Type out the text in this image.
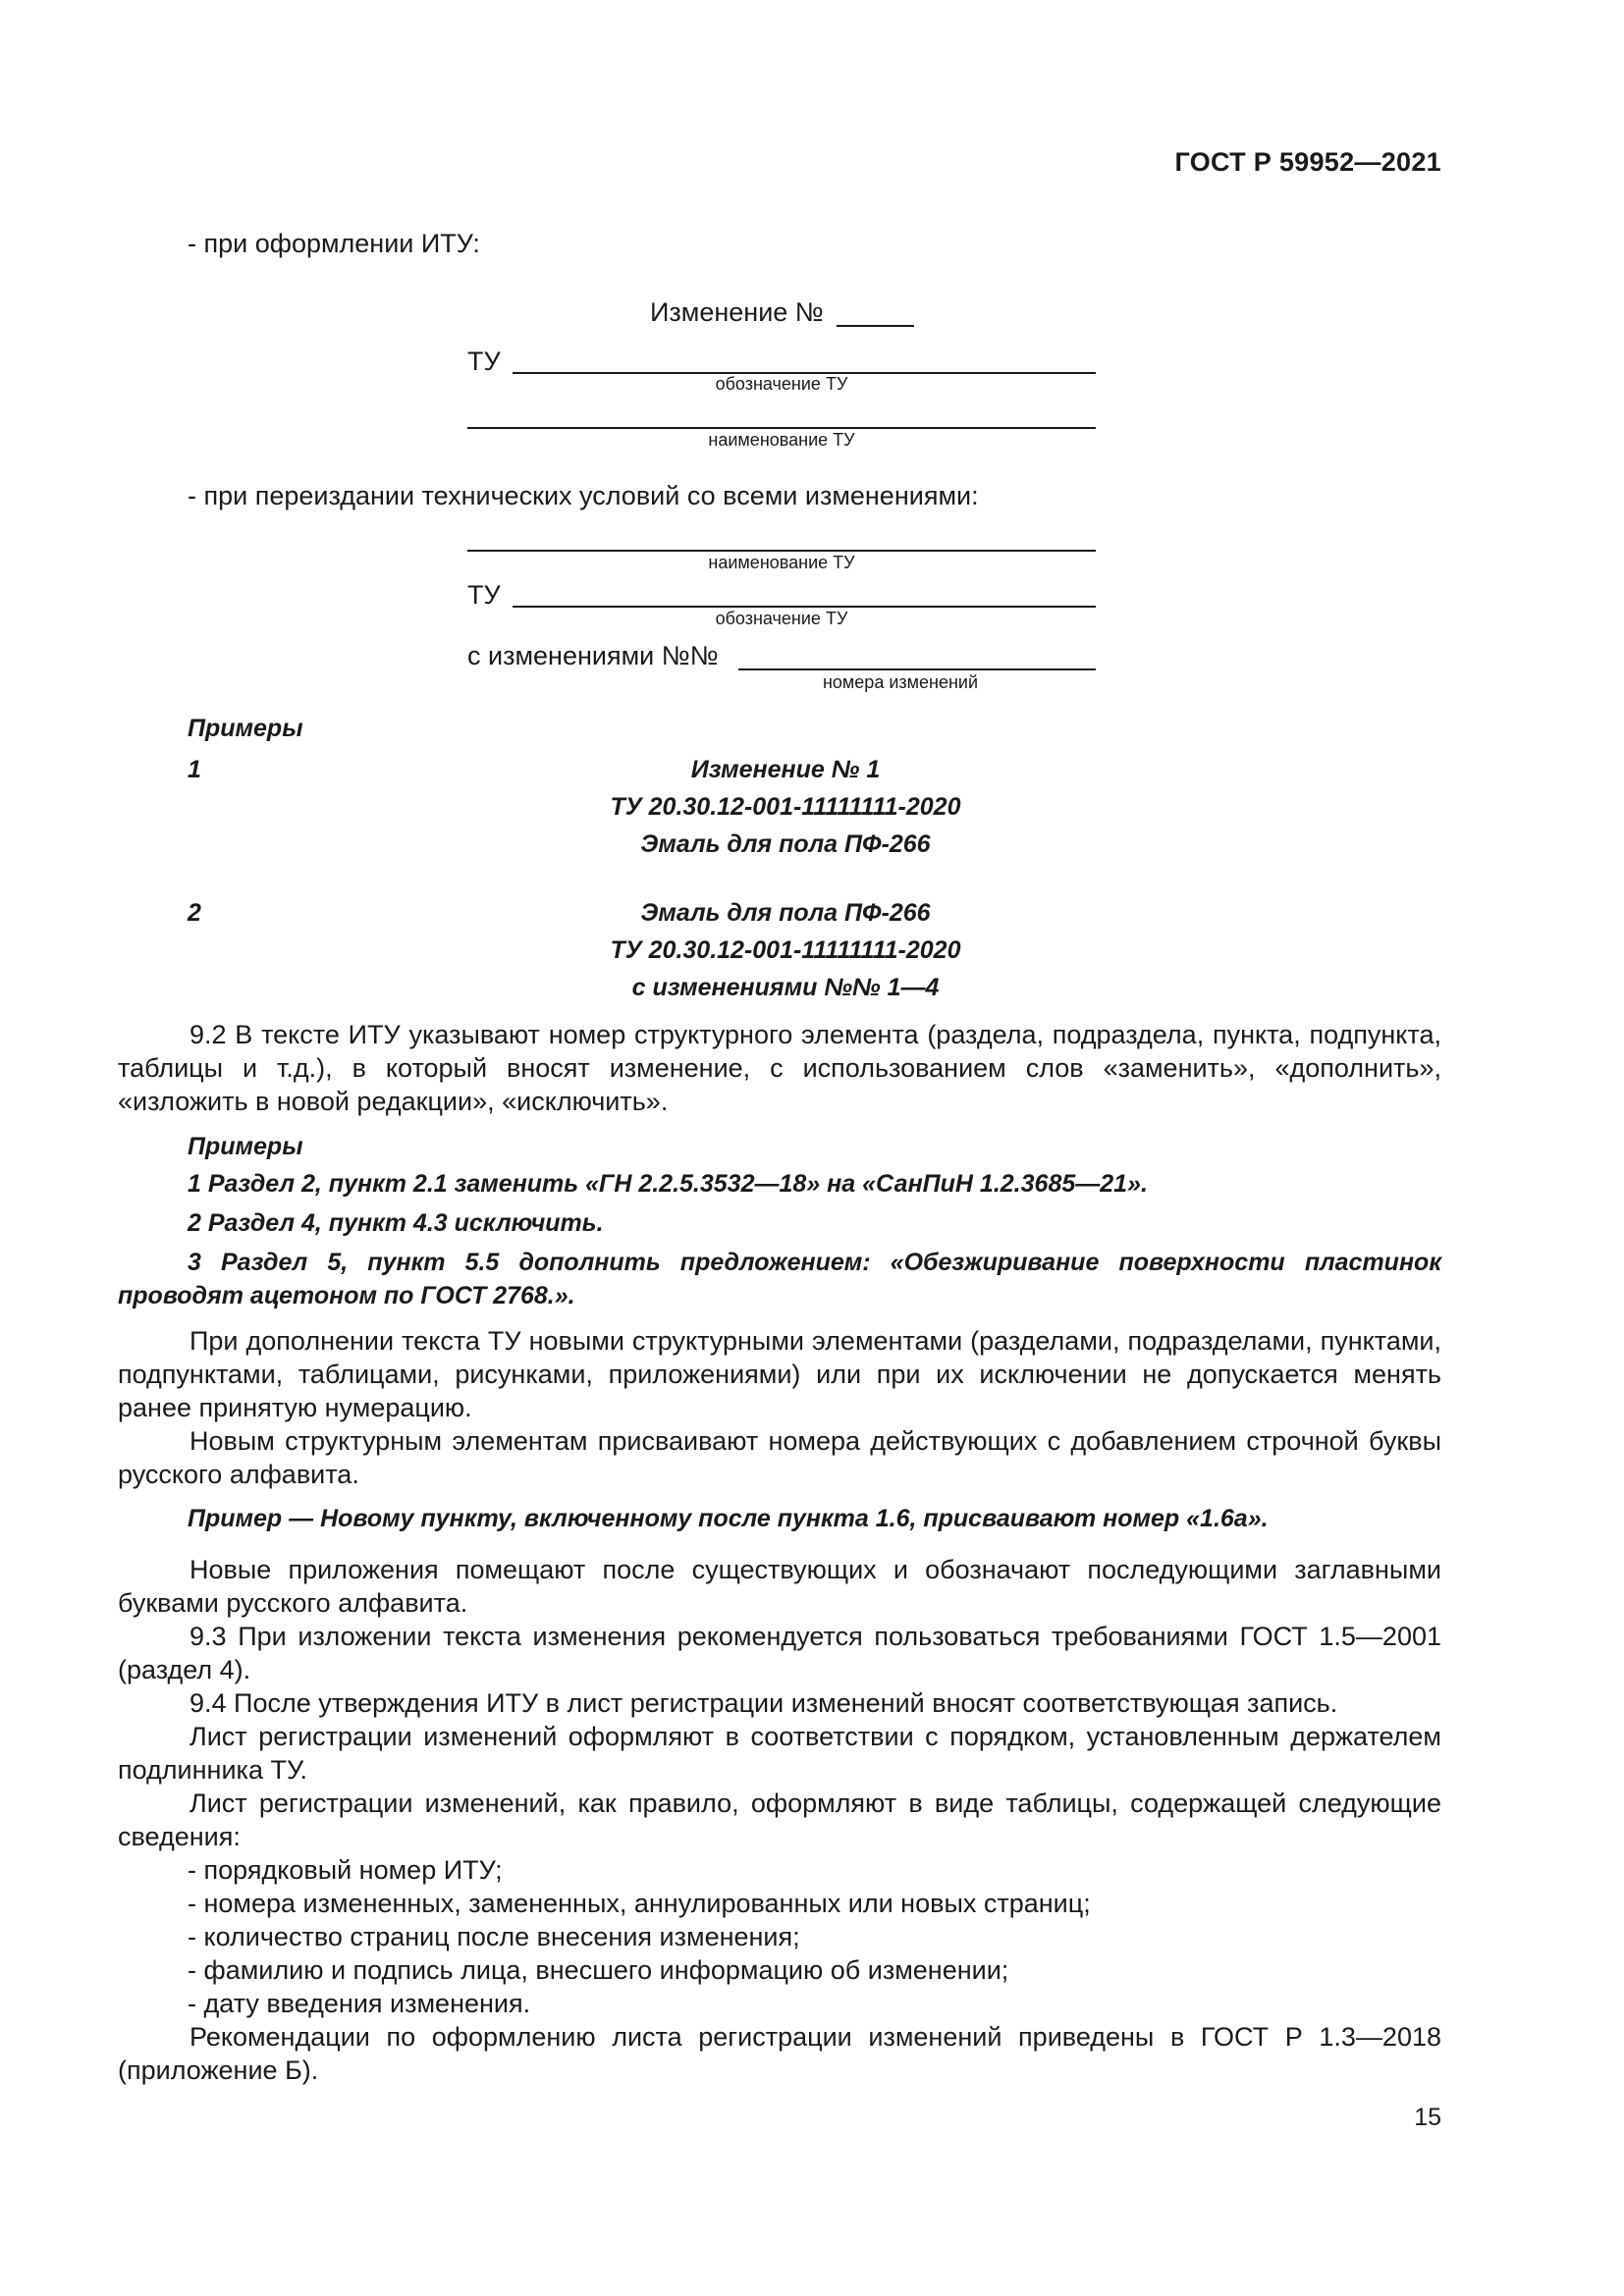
ГОСТ Р 59952—2021
- при оформлении ИТУ:
Изменение №
ТУ
обозначение ТУ
наименование ТУ
- при переиздании технических условий со всеми изменениями:
наименование ТУ
ТУ
обозначение ТУ
с изменениями №№
номера изменений
Примеры
1	Изменение № 1
ТУ 20.30.12-001-11111111-2020
Эмаль для пола ПФ-266
2	Эмаль для пола ПФ-266
ТУ 20.30.12-001-11111111-2020
с изменениями №№ 1—4
9.2 В тексте ИТУ указывают номер структурного элемента (раздела, подраздела, пункта, подпункта, таблицы и т.д.), в который вносят изменение, с использованием слов «заменить», «дополнить», «изложить в новой редакции», «исключить».
Примеры
1 Раздел 2, пункт 2.1 заменить «ГН 2.2.5.3532—18» на «СанПиН 1.2.3685—21».
2 Раздел 4, пункт 4.3 исключить.
3 Раздел 5, пункт 5.5 дополнить предложением: «Обезжиривание поверхности пластинок проводят ацетоном по ГОСТ 2768.».
При дополнении текста ТУ новыми структурными элементами (разделами, подразделами, пунктами, подпунктами, таблицами, рисунками, приложениями) или при их исключении не допускается менять ранее принятую нумерацию.
Новым структурным элементам присваивают номера действующих с добавлением строчной буквы русского алфавита.
Пример — Новому пункту, включенному после пункта 1.6, присваивают номер «1.6а».
Новые приложения помещают после существующих и обозначают последующими заглавными буквами русского алфавита.
9.3 При изложении текста изменения рекомендуется пользоваться требованиями ГОСТ 1.5—2001 (раздел 4).
9.4 После утверждения ИТУ в лист регистрации изменений вносят соответствующая запись.
Лист регистрации изменений оформляют в соответствии с порядком, установленным держателем подлинника ТУ.
Лист регистрации изменений, как правило, оформляют в виде таблицы, содержащей следующие сведения:
- порядковый номер ИТУ;
- номера измененных, замененных, аннулированных или новых страниц;
- количество страниц после внесения изменения;
- фамилию и подпись лица, внесшего информацию об изменении;
- дату введения изменения.
Рекомендации по оформлению листа регистрации изменений приведены в ГОСТ Р 1.3—2018 (приложение Б).
15
